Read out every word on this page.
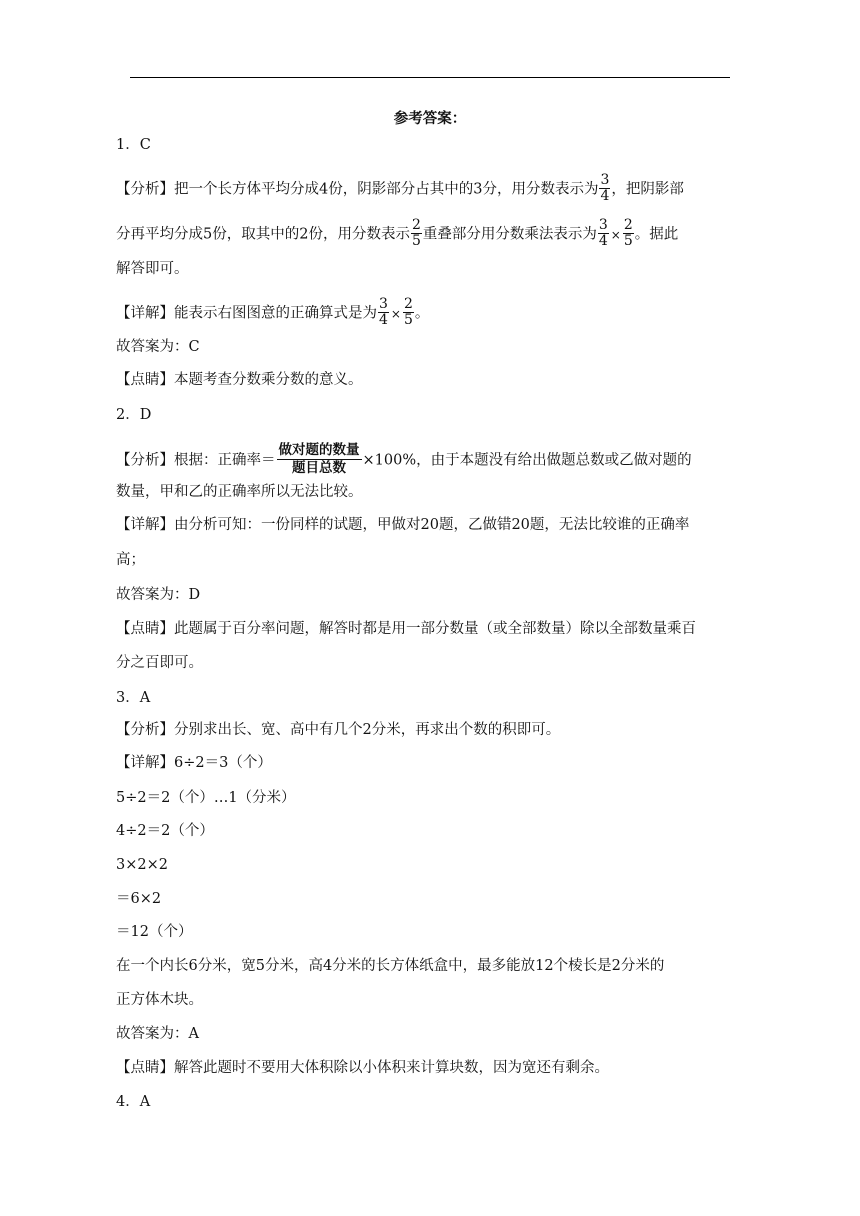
参考答案：
1．C
【分析】把一个长方体平均分成4份，阴影部分占其中的3分，用分数表示为 $\frac{3}{4}$ ，把阴影部
分再平均分成5份，取其中的2份，用分数表示 $\frac{2}{5}$ 重叠部分用分数乘法表示为 $\frac{3}{4} \times \frac{2}{5}$ 。据此
解答即可。
【详解】能表示右图图意的正确算式是为 $\frac{3}{4} \times \frac{2}{5}$ 。
故答案为：C
【点睛】本题考查分数乘分数的意义。
2．D
【分析】根据：正确率＝ $\frac{\text{做对题的数量}}{\text{题目总数}} \times 100\%$，由于本题没有给出做题总数或乙做对题的
数量，甲和乙的正确率所以无法比较。
【详解】由分析可知：一份同样的试题，甲做对20题，乙做错20题，无法比较谁的正确率
高；
故答案为：D
【点睛】此题属于百分率问题，解答时都是用一部分数量（或全部数量）除以全部数量乘百
分之百即可。
3．A
【分析】分别求出长、宽、高中有几个2分米，再求出个数的积即可。
【详解】6÷2＝3（个）
5÷2＝2（个）…1（分米）
4÷2＝2（个）
3×2×2
＝6×2
＝12（个）
在一个内长6分米，宽5分米，高4分米的长方体纸盒中，最多能放12个棱长是2分米的
正方体木块。
故答案为：A
【点睛】解答此题时不要用大体积除以小体积来计算块数，因为宽还有剩余。
4．A
